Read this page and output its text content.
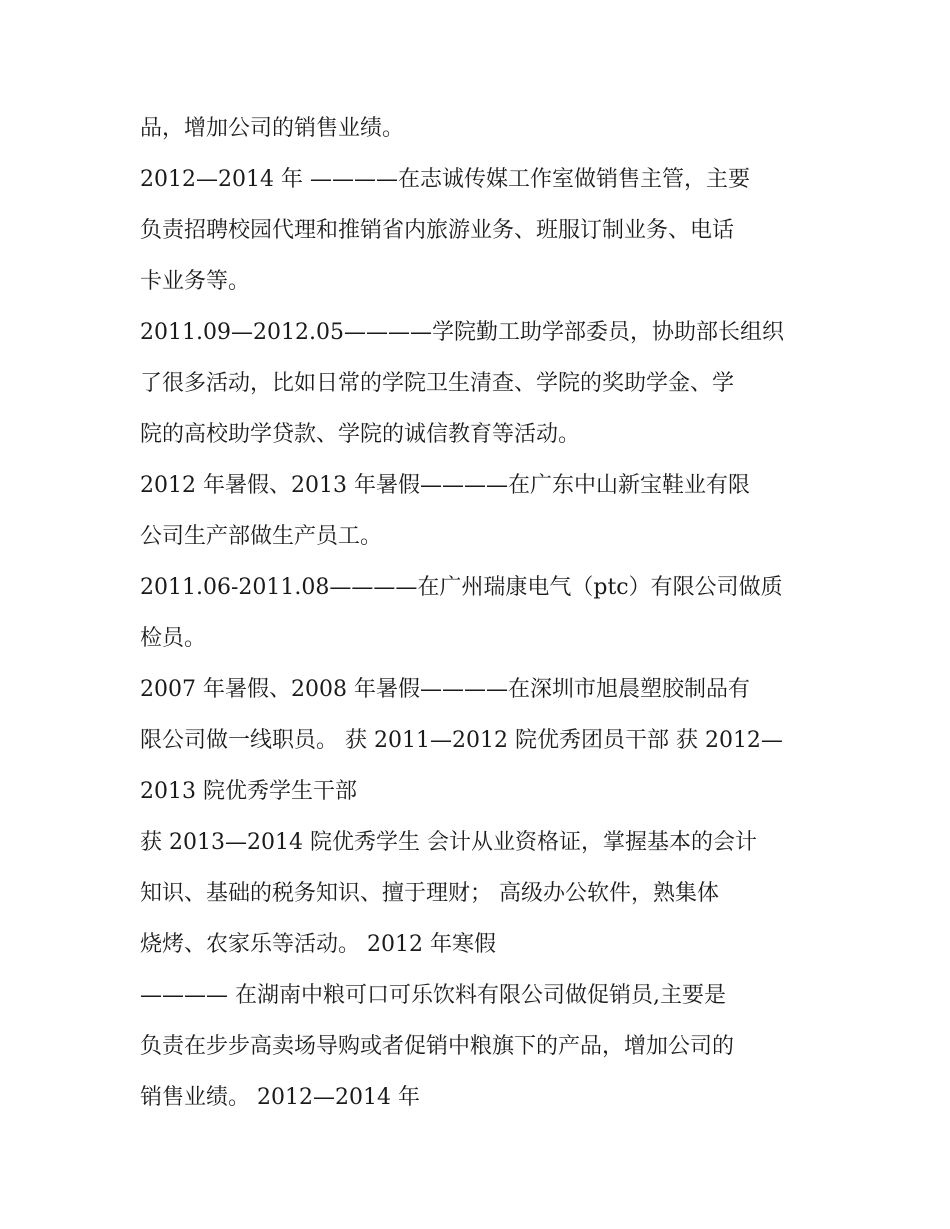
品，增加公司的销售业绩。
2012—2014 年 ————在志诚传媒工作室做销售主管，主要
负责招聘校园代理和推销省内旅游业务、班服订制业务、电话
卡业务等。
2011.09—2012.05————学院勤工助学部委员，协助部长组织
了很多活动，比如日常的学院卫生清查、学院的奖助学金、学
院的高校助学贷款、学院的诚信教育等活动。
2012 年暑假、2013 年暑假————在广东中山新宝鞋业有限
公司生产部做生产员工。
2011.06-2011.08————在广州瑞康电气（ptc）有限公司做质
检员。
2007 年暑假、2008 年暑假————在深圳市旭晨塑胶制品有
限公司做一线职员。 获 2011—2012 院优秀团员干部 获 2012—
2013 院优秀学生干部
获 2013—2014 院优秀学生 会计从业资格证，掌握基本的会计
知识、基础的税务知识、擅于理财； 高级办公软件，熟集体
烧烤、农家乐等活动。 2012 年寒假
———— 在湖南中粮可口可乐饮料有限公司做促销员,主要是
负责在步步高卖场导购或者促销中粮旗下的产品，增加公司的
销售业绩。 2012—2014 年
